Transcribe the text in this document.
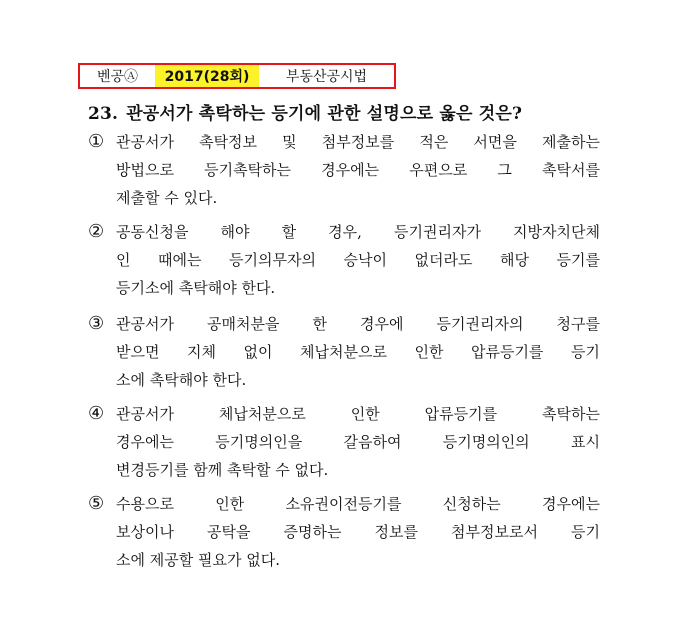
벤공Ⓐ	2017(28회)	부동산공시법
23. 관공서가 촉탁하는 등기에 관한 설명으로 옳은 것은?
① 관공서가 촉탁정보 및 첨부정보를 적은 서면을 제출하는
방법으로 등기촉탁하는 경우에는 우편으로 그 촉탁서를
제출할 수 있다.
② 공동신청을 해야 할 경우, 등기권리자가 지방자치단체
인 때에는 등기의무자의 승낙이 없더라도 해당 등기를
등기소에 촉탁해야 한다.
③ 관공서가 공매처분을 한 경우에 등기권리자의 청구를
받으면 지체 없이 체납처분으로 인한 압류등기를 등기
소에 촉탁해야 한다.
④ 관공서가	체납처분으로	인한	압류등기를	촉탁하는
경우에는	등기명의인을	갈음하여	등기명의인의	표시
변경등기를 함께 촉탁할 수 없다.
⑤ 수용으로	인한	소유권이전등기를	신청하는	경우에는
보상이나 공탁을 증명하는 정보를 첨부정보로서 등기
소에 제공할 필요가 없다.
